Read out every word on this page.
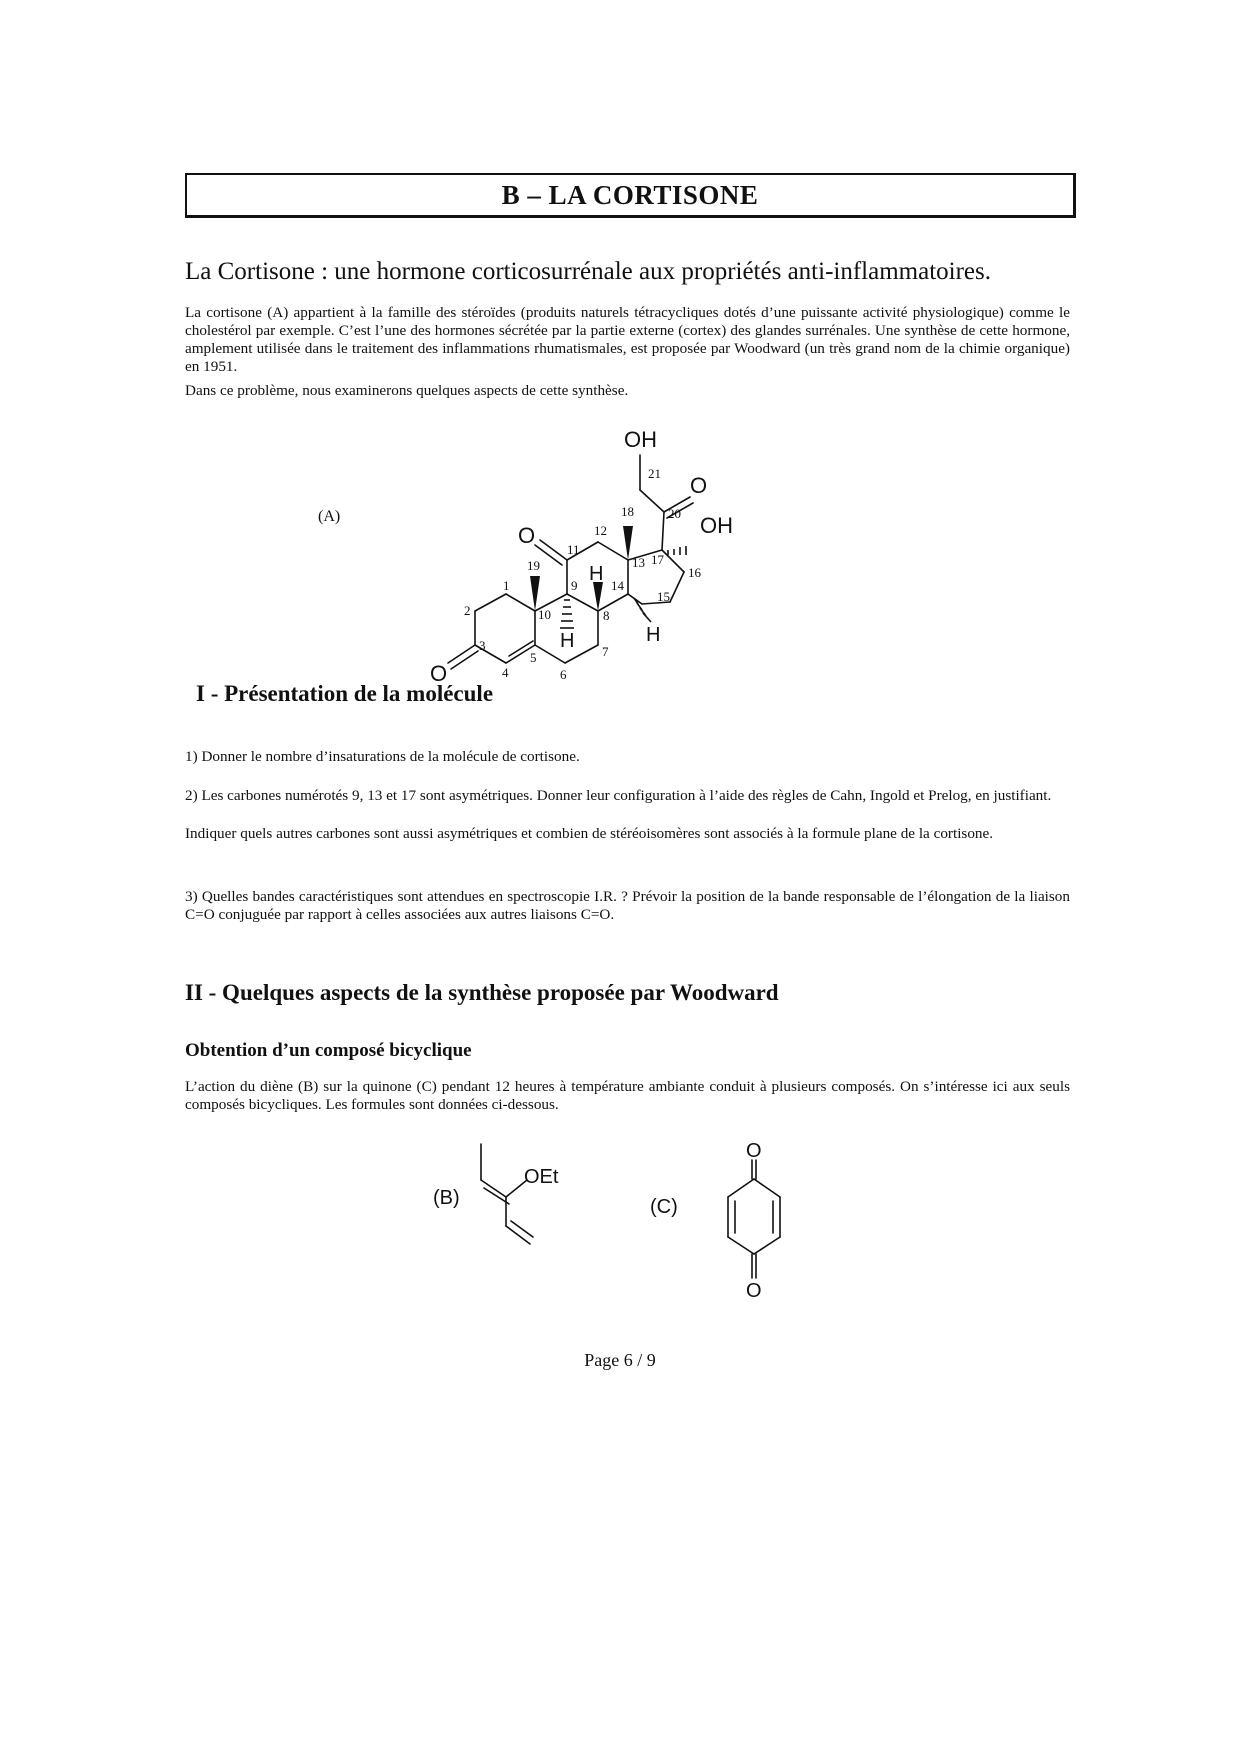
B – LA CORTISONE
La Cortisone : une hormone corticosurrénale aux propriétés anti-inflammatoires.
La cortisone (A) appartient à la famille des stéroïdes (produits naturels tétracycliques dotés d’une puissante activité physiologique) comme le cholestérol par exemple. C’est l’une des hormones sécrétée par la partie externe (cortex) des glandes surrénales. Une synthèse de cette hormone, amplement utilisée dans le traitement des inflammations rhumatismales, est proposée par Woodward (un très grand nom de la chimie organique) en 1951.
Dans ce problème, nous examinerons quelques aspects de cette synthèse.
(A)
OH
O
OH
O
O
H
H	H
1
2
3
4
5
6
7
8
9
10
11
12
13
14
15
16
17
18
19
20
21
I - Présentation de la molécule
1) Donner le nombre d’insaturations de la molécule de cortisone.
2) Les carbones numérotés 9, 13 et 17 sont asymétriques. Donner leur configuration à l’aide des règles de Cahn, Ingold et Prelog, en justifiant.
Indiquer quels autres carbones sont aussi asymétriques et combien de stéréoisomères sont associés à la formule plane de la cortisone.
3) Quelles bandes caractéristiques sont attendues en spectroscopie I.R. ? Prévoir la position de la bande responsable de l’élongation de la liaison C=O conjuguée par rapport à celles associées aux autres liaisons C=O.
II - Quelques aspects de la synthèse proposée par Woodward
Obtention d’un composé bicyclique
L’action du diène (B) sur la quinone (C) pendant 12 heures à température ambiante conduit à plusieurs composés. On s’intéresse ici aux seuls composés bicycliques. Les formules sont données ci-dessous.
(B)
OEt
(C)
O
O
Page 6 / 9
